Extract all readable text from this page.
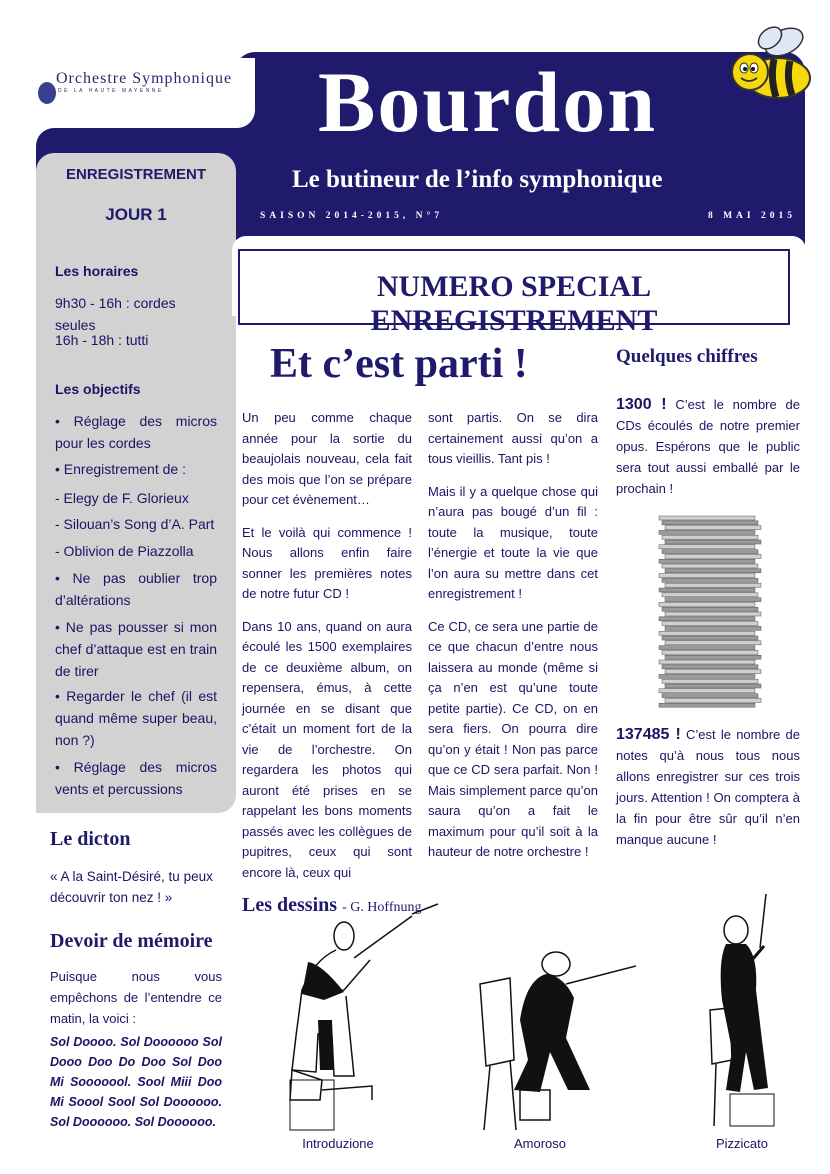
Orchestre Symphonique
DE LA HAUTE MAYENNE Bourdon
Le butineur de l’info symphonique
SAISON 2014-2015, N°7	8 MAI 2015
ENREGISTREMENT
JOUR 1
Les horaires
9h30 - 16h : cordes seules
16h - 18h : tutti
Les objectifs
• Réglage des micros pour les cordes
• Enregistrement de :
- Elegy de F. Glorieux
- Silouan’s Song d’A. Part
- Oblivion de Piazzolla
• Ne pas oublier trop d’altérations
• Ne pas pousser si mon chef d’attaque est en train de tirer
• Regarder le chef (il est quand même super beau, non ?)
• Réglage des micros vents et percussions
Le dicton
« A la Saint-Désiré, tu peux découvrir ton nez ! »
Devoir de mémoire
Puisque nous vous empêchons de l’entendre ce matin, la voici :
Sol Doooo. Sol Doooooo Sol Dooo Doo Do Doo Sol Doo Mi Sooooool. Sool Miii Doo Mi Soool Sool Sol Doooooo. Sol Doooooo. Sol Doooooo.
NUMERO SPECIAL ENREGISTREMENT
Et c’est parti !

Un peu comme chaque année pour la sortie du beaujolais nouveau, cela fait des mois que l’on se prépare pour cet évènement…

Et le voilà qui commence ! Nous allons enfin faire sonner les premières notes de notre futur CD !

Dans 10 ans, quand on aura écoulé les 1500 exemplaires de ce deuxième album, on repensera, émus, à cette journée en se disant que c’était un moment fort de la vie de l’orchestre. On regardera les photos qui auront été prises en se rappelant les bons moments passés avec les collègues de pupitres, ceux qui sont encore là, ceux qui

sont partis. On se dira certainement aussi qu’on a tous vieillis. Tant pis !

Mais il y a quelque chose qui n’aura pas bougé d’un fil : toute la musique, toute l’énergie et toute la vie que l’on aura su mettre dans cet enregistrement !

Ce CD, ce sera une partie de ce que chacun d’entre nous laissera au monde (même si ça n’en est qu’une toute petite partie). Ce CD, on en sera fiers. On pourra dire qu’on y était ! Non pas parce que ce CD sera parfait. Non ! Mais simplement parce qu’on saura qu’on a fait le maximum pour qu’il soit à la hauteur de notre orchestre !

Quelques chiffres
1300 ! C’est le nombre de CDs écoulés de notre premier opus. Espérons que le public sera tout aussi emballé par le prochain !
137485 ! C’est le nombre de notes qu’à nous tous nous allons enregistrer sur ces trois jours. Attention ! On comptera à la fin pour être sûr qu’il n’en manque aucune !
Les dessins - G. Hoffnung
Introduzione	Amoroso	Pizzicato
